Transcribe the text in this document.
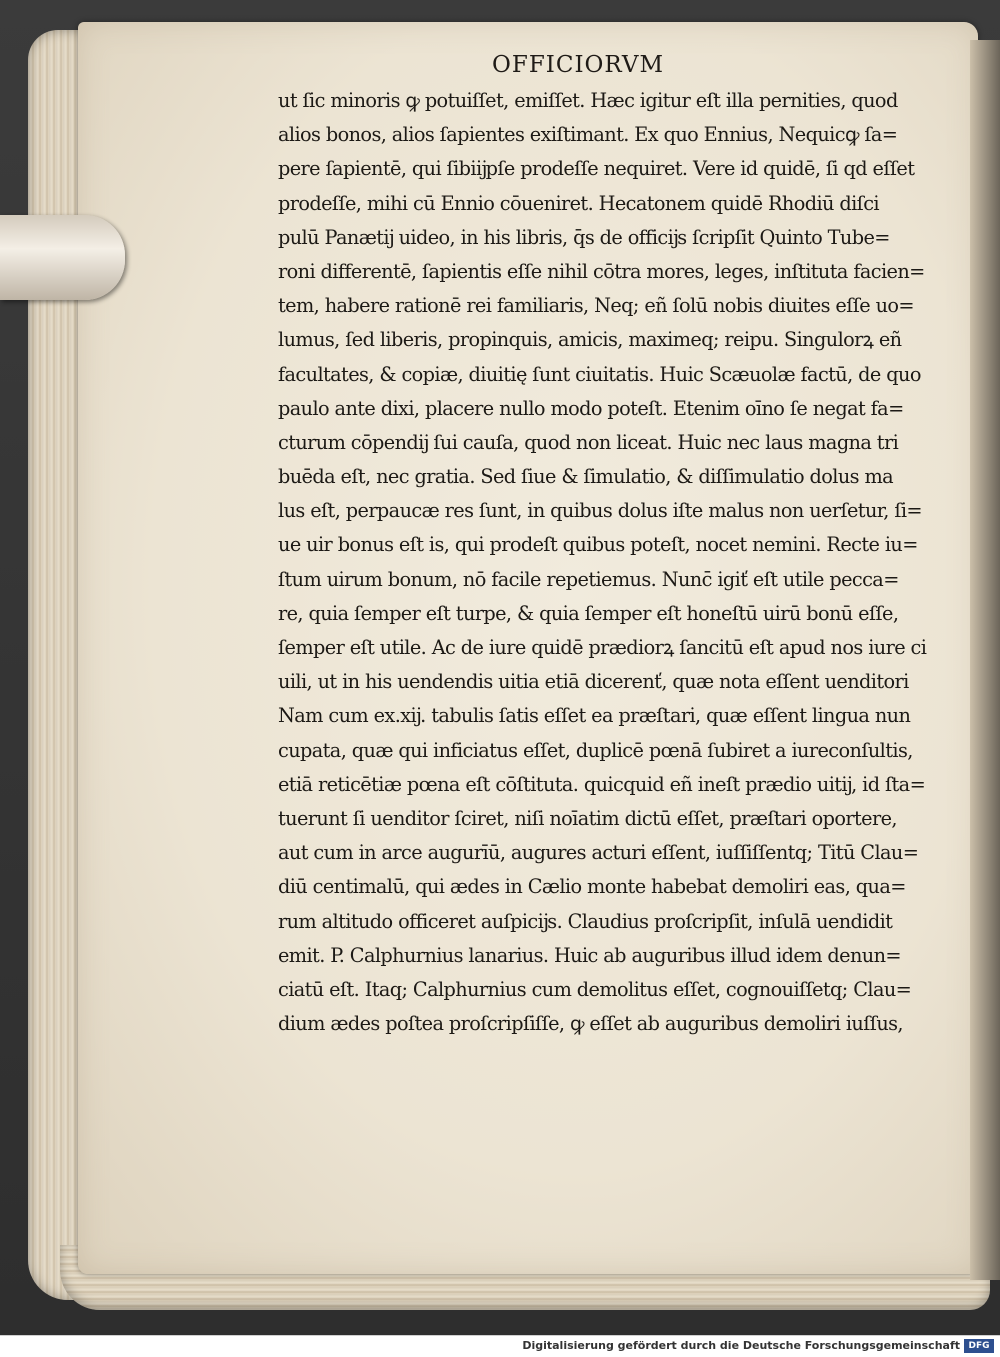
OFFICIORVM
ut ſic minoris ꝙ potuiſſet, emiſſet. Hæc igitur eſt illa pernities, quod
alios bonos, alios ſapientes exiſtimant. Ex quo Ennius, Nequicꝙ ſa=
pere ſapientē, qui ſibiĳpſe prodeſſe nequiret. Vere id quidē, ſi qd eſſet
prodeſſe, mihi cū Ennio cōueniret. Hecatonem quidē Rhodiū diſci
pulū Panætĳ uideo, in his libris, q̄s de officĳs ſcripſit Quinto Tube=
roni differentē, ſapientis eſſe nihil cōtra mores, leges, inſtituta facien=
tem, habere rationē rei familiaris, Neq; eñ ſolū nobis diuites eſſe uo=
lumus, ſed liberis, propinquis, amicis, maximeq; reipu. Singulorꝝ eñ
facultates, & copiæ, diuitię ſunt ciuitatis. Huic Scæuolæ factū, de quo
paulo ante dixi, placere nullo modo poteſt. Etenim oīno ſe negat fa=
cturum cōpendĳ ſui cauſa, quod non liceat. Huic nec laus magna tri
buēda eſt, nec gratia. Sed ſiue & ſimulatio, & diſſimulatio dolus ma
lus eſt, perpaucæ res ſunt, in quibus dolus iſte malus non uerſetur, ſi=
ue uir bonus eſt is, qui prodeſt quibus poteſt, nocet nemini. Recte iu=
ſtum uirum bonum, nō facile repetiemus. Nunc̄ igiť eſt utile pecca=
re, quia ſemper eſt turpe, & quia ſemper eſt honeſtū uirū bonū eſſe,
ſemper eſt utile. Ac de iure quidē prædiorꝝ ſancitū eſt apud nos iure ci
uili, ut in his uendendis uitia etiā dicerenť, quæ nota eſſent uenditori
Nam cum ex.xĳ. tabulis ſatis eſſet ea præſtari, quæ eſſent lingua nun
cupata, quæ qui inficiatus eſſet, duplicē pœnā ſubiret a iureconſultis,
etiā reticētiæ pœna eſt cōſtituta. quicquid eñ ineſt prædio uitĳ, id ſta=
tuerunt ſi uenditor ſciret, niſi noīatim dictū eſſet, præſtari oportere,
aut cum in arce augurīū, augures acturi eſſent, iuſſiſſentq; Titū Clau=
diū centimalū, qui ædes in Cælio monte habebat demoliri eas, qua=
rum altitudo officeret auſpicĳs. Claudius proſcripſit, inſulā uendidit
emit. P. Calphurnius lanarius. Huic ab auguribus illud idem denun=
ciatū eſt. Itaq; Calphurnius cum demolitus eſſet, cognouiſſetq; Clau=
dium ædes poſtea proſcripſiſſe, ꝙ eſſet ab auguribus demoliri iuſſus,
Digitalisierung gefördert durch die Deutsche Forschungsgemeinschaft DFG
